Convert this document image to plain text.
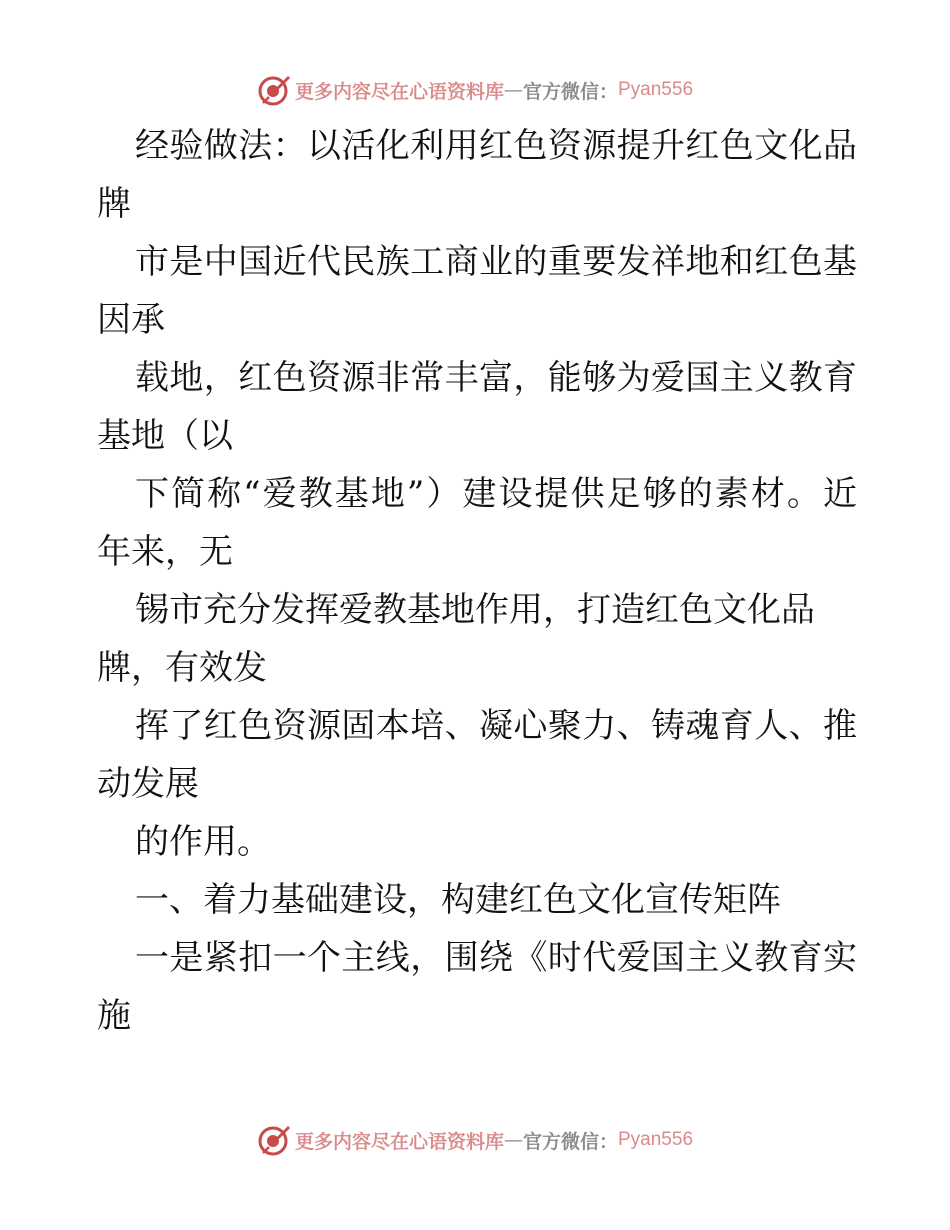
更多内容尽在心语资料库 — 官方微信： Pyan556
经验做法：以活化利用红色资源提升红色文化品
牌
市是中国近代民族工商业的重要发祥地和红色基
因承
载地，红色资源非常丰富，能够为爱国主义教育
基地（以
下简称“爱教基地”）建设提供足够的素材。近
年来，无
锡市充分发挥爱教基地作用，打造红色文化品
牌，有效发
挥了红色资源固本培、凝心聚力、铸魂育人、推
动发展
的作用。
一、着力基础建设，构建红色文化宣传矩阵
一是紧扣一个主线，围绕《时代爱国主义教育实
施
更多内容尽在心语资料库 — 官方微信： Pyan556
